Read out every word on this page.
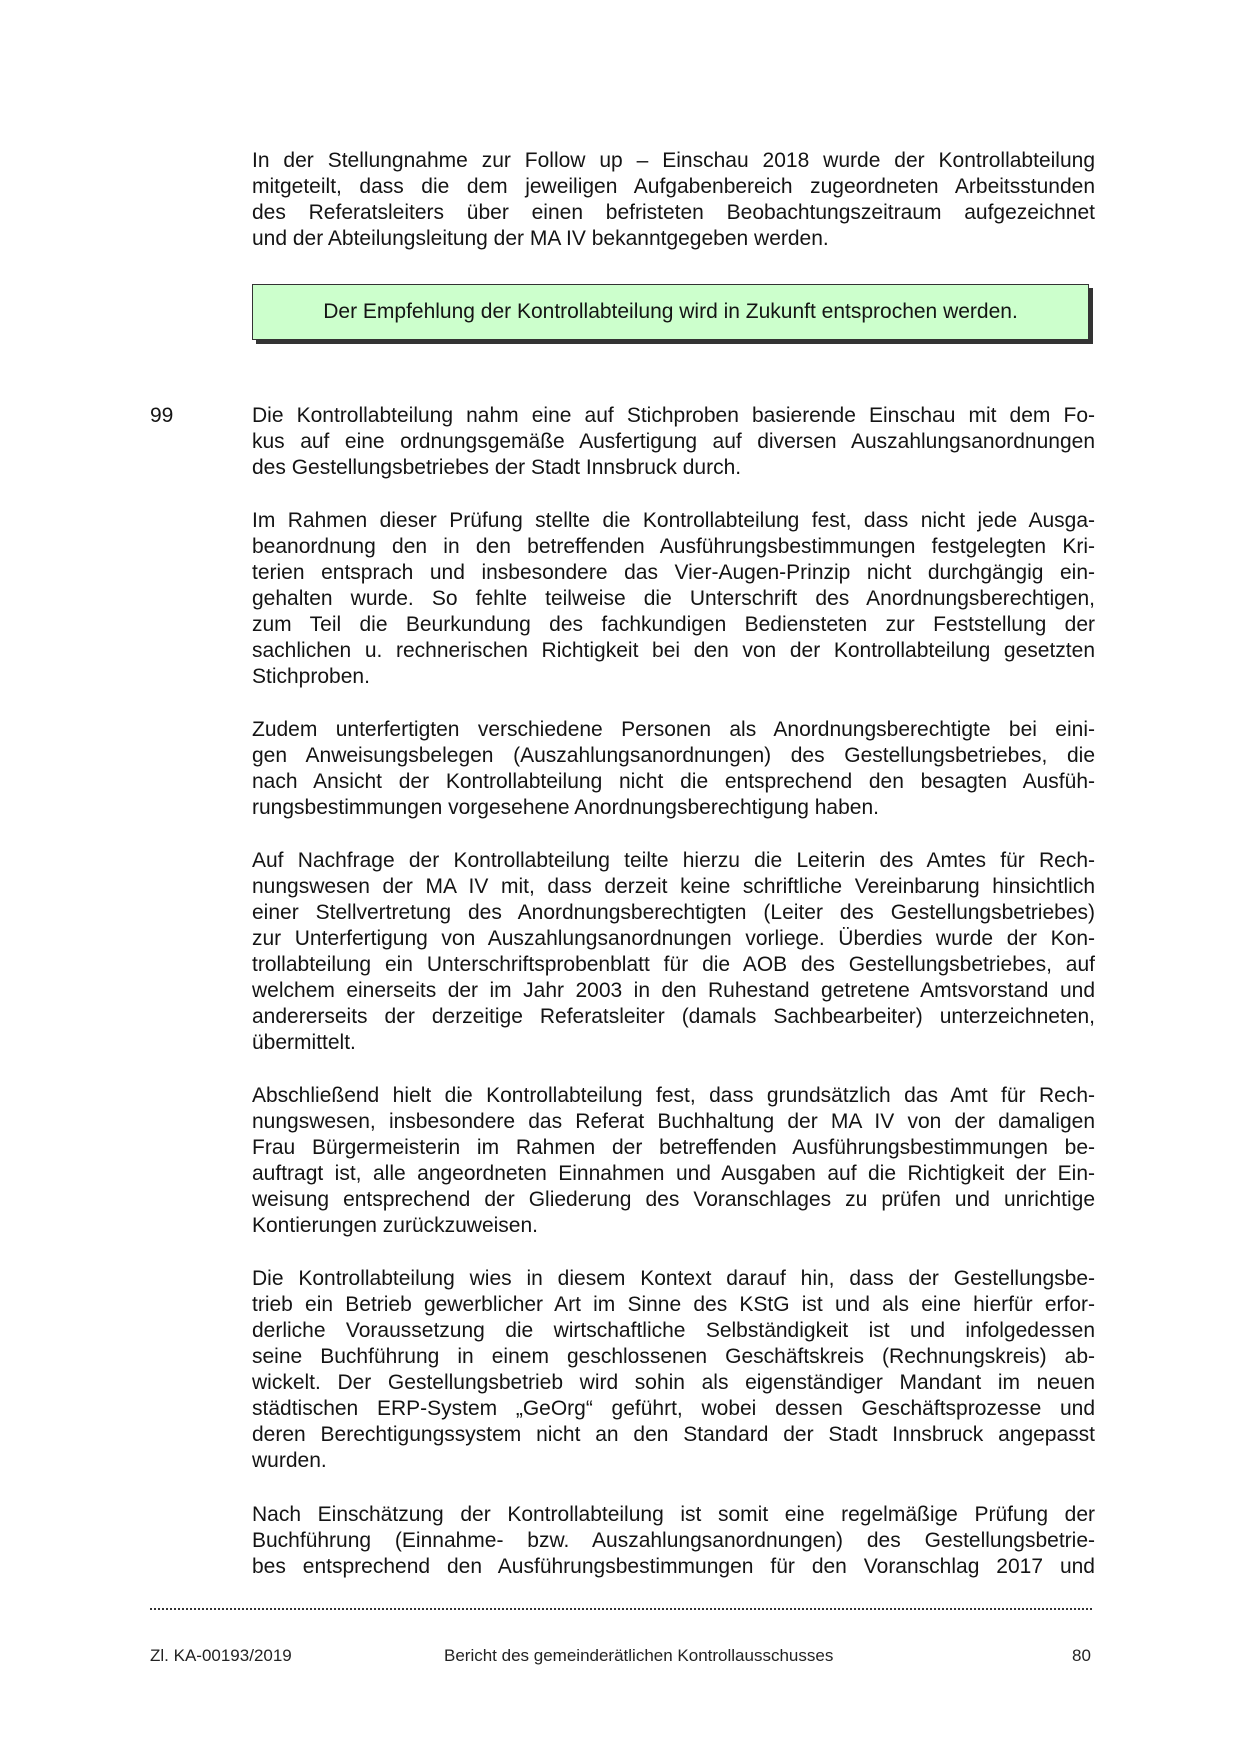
In der Stellungnahme zur Follow up – Einschau 2018 wurde der Kontrollabteilung
mitgeteilt, dass die dem jeweiligen Aufgabenbereich zugeordneten Arbeitsstunden
des Referatsleiters über einen befristeten Beobachtungszeitraum aufgezeichnet
und der Abteilungsleitung der MA IV bekanntgegeben werden.
Der Empfehlung der Kontrollabteilung wird in Zukunft entsprochen werden.
99	Die Kontrollabteilung nahm eine auf Stichproben basierende Einschau mit dem Fo-
kus auf eine ordnungsgemäße Ausfertigung auf diversen Auszahlungsanordnungen
des Gestellungsbetriebes der Stadt Innsbruck durch.
Im Rahmen dieser Prüfung stellte die Kontrollabteilung fest, dass nicht jede Ausga-
beanordnung den in den betreffenden Ausführungsbestimmungen festgelegten Kri-
terien entsprach und insbesondere das Vier-Augen-Prinzip nicht durchgängig ein-
gehalten wurde. So fehlte teilweise die Unterschrift des Anordnungsberechtigen,
zum Teil die Beurkundung des fachkundigen Bediensteten zur Feststellung der
sachlichen u. rechnerischen Richtigkeit bei den von der Kontrollabteilung gesetzten
Stichproben.
Zudem unterfertigten verschiedene Personen als Anordnungsberechtigte bei eini-
gen Anweisungsbelegen (Auszahlungsanordnungen) des Gestellungsbetriebes, die
nach Ansicht der Kontrollabteilung nicht die entsprechend den besagten Ausfüh-
rungsbestimmungen vorgesehene Anordnungsberechtigung haben.
Auf Nachfrage der Kontrollabteilung teilte hierzu die Leiterin des Amtes für Rech-
nungswesen der MA IV mit, dass derzeit keine schriftliche Vereinbarung hinsichtlich
einer Stellvertretung des Anordnungsberechtigten (Leiter des Gestellungsbetriebes)
zur Unterfertigung von Auszahlungsanordnungen vorliege. Überdies wurde der Kon-
trollabteilung ein Unterschriftsprobenblatt für die AOB des Gestellungsbetriebes, auf
welchem einerseits der im Jahr 2003 in den Ruhestand getretene Amtsvorstand und
andererseits der derzeitige Referatsleiter (damals Sachbearbeiter) unterzeichneten,
übermittelt.
Abschließend hielt die Kontrollabteilung fest, dass grundsätzlich das Amt für Rech-
nungswesen, insbesondere das Referat Buchhaltung der MA IV von der damaligen
Frau Bürgermeisterin im Rahmen der betreffenden Ausführungsbestimmungen be-
auftragt ist, alle angeordneten Einnahmen und Ausgaben auf die Richtigkeit der Ein-
weisung entsprechend der Gliederung des Voranschlages zu prüfen und unrichtige
Kontierungen zurückzuweisen.
Die Kontrollabteilung wies in diesem Kontext darauf hin, dass der Gestellungsbe-
trieb ein Betrieb gewerblicher Art im Sinne des KStG ist und als eine hierfür erfor-
derliche Voraussetzung die wirtschaftliche Selbständigkeit ist und infolgedessen
seine Buchführung in einem geschlossenen Geschäftskreis (Rechnungskreis) ab-
wickelt. Der Gestellungsbetrieb wird sohin als eigenständiger Mandant im neuen
städtischen ERP-System „GeOrg“ geführt, wobei dessen Geschäftsprozesse und
deren Berechtigungssystem nicht an den Standard der Stadt Innsbruck angepasst
wurden.
Nach Einschätzung der Kontrollabteilung ist somit eine regelmäßige Prüfung der
Buchführung (Einnahme- bzw. Auszahlungsanordnungen) des Gestellungsbetrie-
bes entsprechend den Ausführungsbestimmungen für den Voranschlag 2017 und
Zl. KA-00193/2019	Bericht des gemeinderätlichen Kontrollausschusses	80
